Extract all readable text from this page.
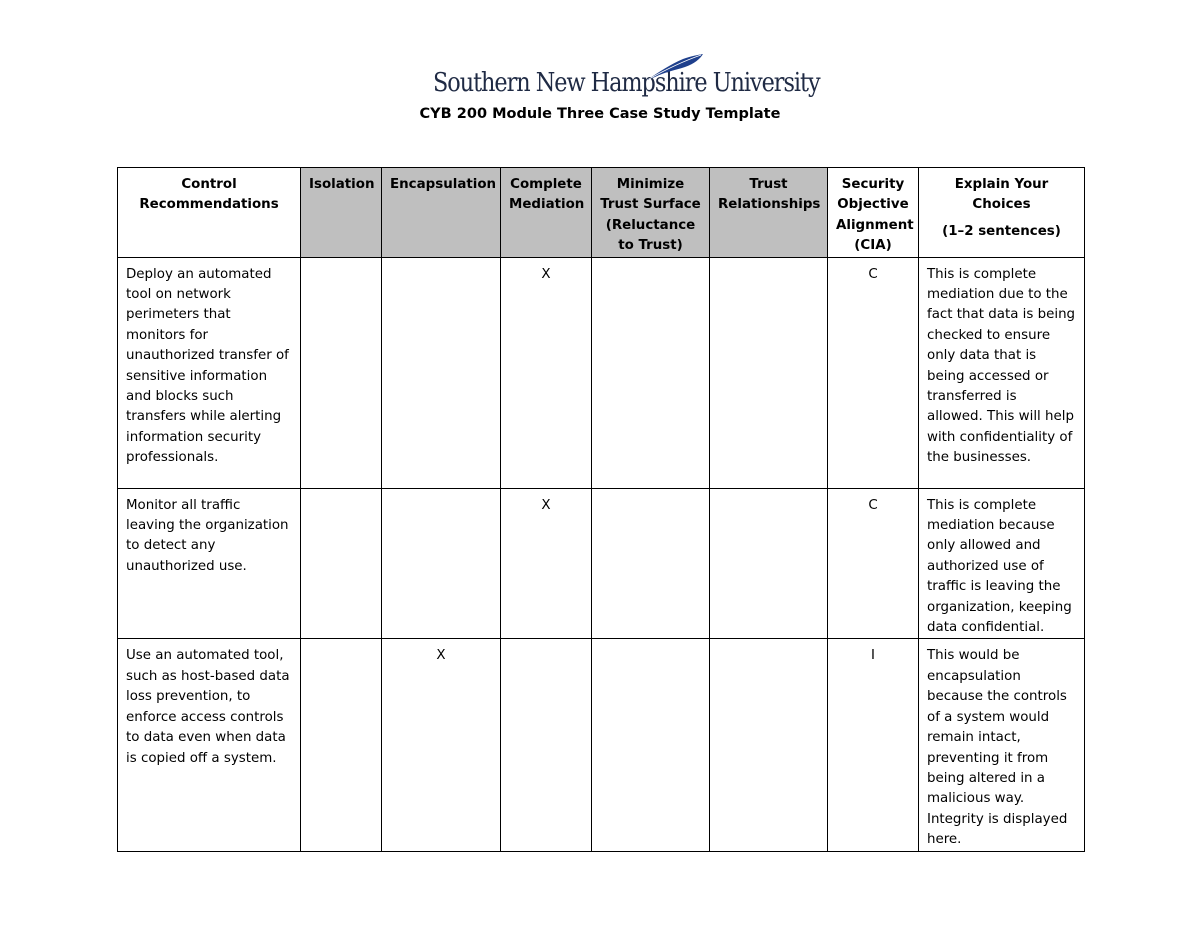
Southern New Hampshire University
CYB 200 Module Three Case Study Template
Control Recommendations	Isolation	Encapsulation	Complete Mediation	Minimize Trust Surface (Reluctance to Trust)	Trust Relationships	Security Objective Alignment (CIA)	Explain Your Choices
(1–2 sentences)

Deploy an automated tool on network perimeters that monitors for unauthorized transfer of sensitive information and blocks such transfers while alerting information security professionals.			X			C	This is complete mediation due to the fact that data is being checked to ensure only data that is being accessed or transferred is allowed. This will help with confidentiality of the businesses.
Monitor all traffic leaving the organization to detect any unauthorized use.			X			C	This is complete mediation because only allowed and authorized use of traffic is leaving the organization, keeping data confidential.
Use an automated tool, such as host-based data loss prevention, to enforce access controls to data even when data is copied off a system.		X				I	This would be encapsulation because the controls of a system would remain intact, preventing it from being altered in a malicious way. Integrity is displayed here.
